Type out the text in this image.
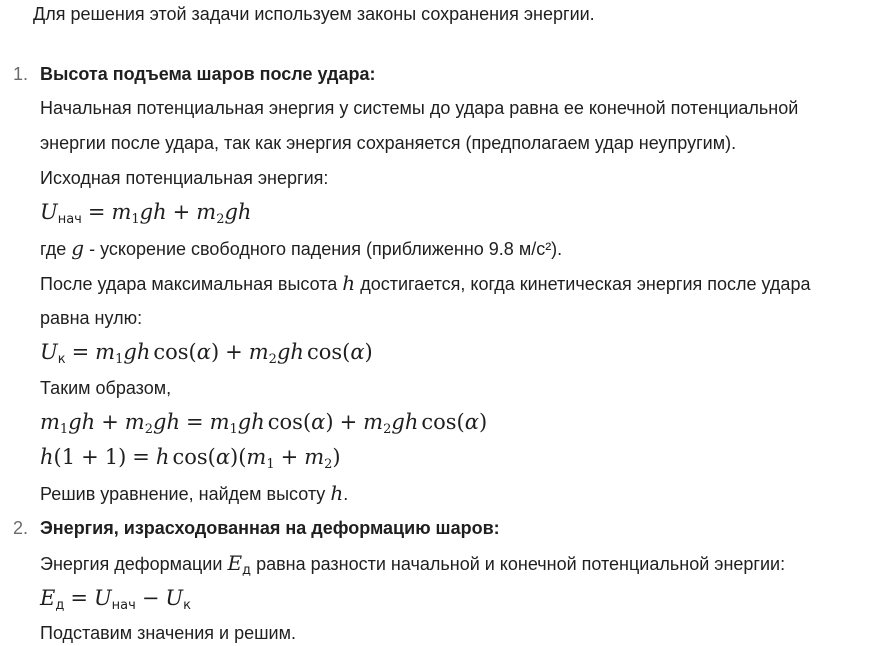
Для решения этой задачи используем законы сохранения энергии.
1. Высота подъема шаров после удара:
Начальная потенциальная энергия у системы до удара равна ее конечной потенциальной
энергии после удара, так как энергия сохраняется (предполагаем удар неупругим).
Исходная потенциальная энергия:
$U_{нач} = m_1gh + m_2gh$
где g - ускорение свободного падения (приближенно 9.8 м/с²).
После удара максимальная высота h достигается, когда кинетическая энергия после удара
равна нулю:
$U_к = m_1gh$ $\cos(\alpha) + m_2gh$ cos(α)
Таким образом,
$m_1gh + m_2gh = m_1gh$ $\cos(\alpha) + m_2gh$ cos(α)
h(1 + 1) = h $\cos(\alpha)(m_1 + m_2)$
Решив уравнение, найдем высоту h.
2. Энергия, израсходованная на деформацию шаров:
Энергия деформации $E_д$ равна разности начальной и конечной потенциальной энергии:
$E_д = U_{нач} - U_к$
Подставим значения и решим.
